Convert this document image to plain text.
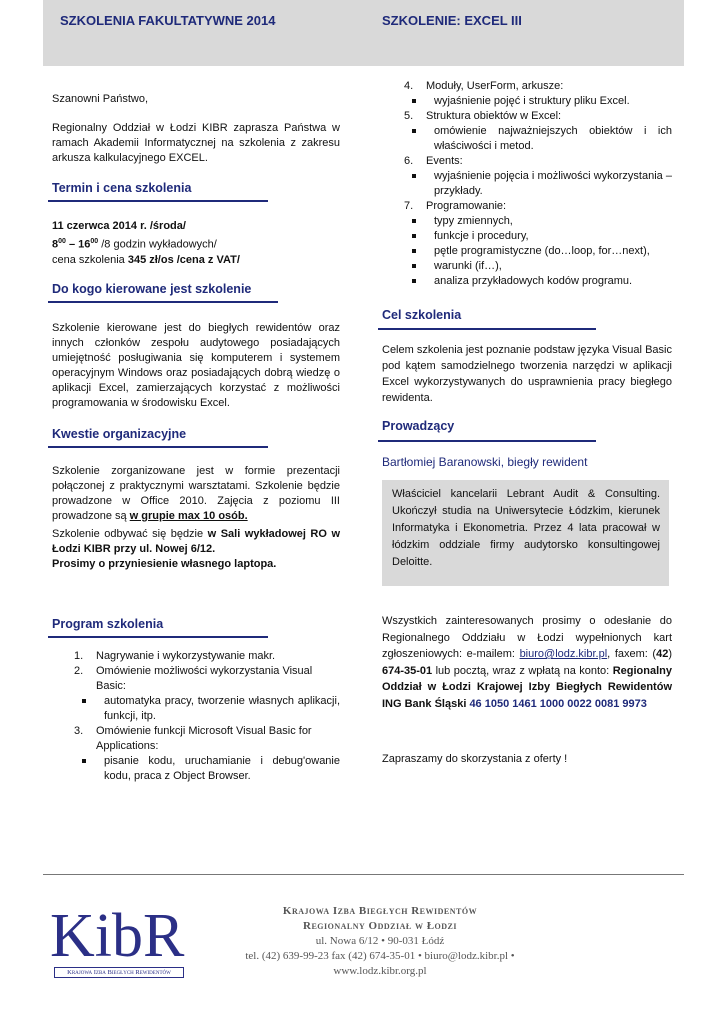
SZKOLENIA FAKULTATYWNE 2014	SZKOLENIE: EXCEL III

Szanowni Państwo,

Regionalny Oddział w Łodzi KIBR zaprasza Państwa w ramach Akademii Informatycznej na szkolenia z zakresu arkusza kalkulacyjnego EXCEL.

Termin i cena szkolenia

11 czerwca 2014 r. /środa/

$8^{00} - 16^{00}$ /8 godzin wykładowych/

cena szkolenia 345 zł/os /cena z VAT/

Do kogo kierowane jest szkolenie

Szkolenie kierowane jest do biegłych rewidentów oraz innych członków zespołu audytowego posiadających umiejętność posługiwania się komputerem i systemem operacyjnym Windows oraz posiadających dobrą wiedzę o aplikacji Excel, zamierzających korzystać z możliwości programowania w środowisku Excel.

Kwestie organizacyjne

Szkolenie zorganizowane jest w formie prezentacji połączonej z praktycznymi warsztatami. Szkolenie będzie prowadzone w Office 2010. Zajęcia z poziomu III prowadzone są w grupie max 10 osób.

Szkolenie odbywać się będzie w Sali wykładowej RO w Łodzi KIBR przy ul. Nowej 6/12.

Prosimy o przyniesienie własnego laptopa.

Program szkolenia
1. Nagrywanie i wykorzystywanie makr.
2. Omówienie możliwości wykorzystania Visual Basic:
automatyka pracy, tworzenie własnych aplikacji, funkcji, itp.
3. Omówienie funkcji Microsoft Visual Basic for Applications:
pisanie kodu, uruchamianie i debug'owanie kodu, praca z Object Browser.
4. Moduły, UserForm, arkusze:
wyjaśnienie pojęć i struktury pliku Excel.
5. Struktura obiektów w Excel:
omówienie najważniejszych obiektów i ich właściwości i metod.
6. Events:
wyjaśnienie pojęcia i możliwości wykorzystania – przykłady.
7. Programowanie:
typy zmiennych,
funkcje i procedury,
pętle programistyczne (do…loop, for…next),
warunki (if…),
analiza przykładowych kodów programu.
Cel szkolenia

Celem szkolenia jest poznanie podstaw języka Visual Basic pod kątem samodzielnego tworzenia narzędzi w aplikacji Excel wykorzystywanych do usprawnienia pracy biegłego rewidenta.

Prowadzący

Bartłomiej Baranowski, biegły rewident

Właściciel kancelarii Lebrant Audit & Consulting. Ukończył studia na Uniwersytecie Łódzkim, kierunek Informatyka i Ekonometria. Przez 4 lata pracował w łódzkim oddziale firmy audytorsko konsultingowej Deloitte.

Wszystkich zainteresowanych prosimy o odesłanie do Regionalnego Oddziału w Łodzi wypełnionych kart zgłoszeniowych: e-mailem: biuro@lodz.kibr.pl, faxem: (42) 674-35-01 lub pocztą, wraz z wpłatą na konto: Regionalny Oddział w Łodzi Krajowej Izby Biegłych Rewidentów ING Bank Śląski 46 1050 1461 1000 0022 0081 9973

Zapraszamy do skorzystania z oferty !

KibR
Krajowa Izba Biegłych Rewidentów
Krajowa Izba Biegłych Rewidentów
Regionalny Oddział w Łodzi
ul. Nowa 6/12 • 90-031 Łódź
tel. (42) 639-99-23 fax (42) 674-35-01 • biuro@lodz.kibr.pl •
www.lodz.kibr.org.pl
